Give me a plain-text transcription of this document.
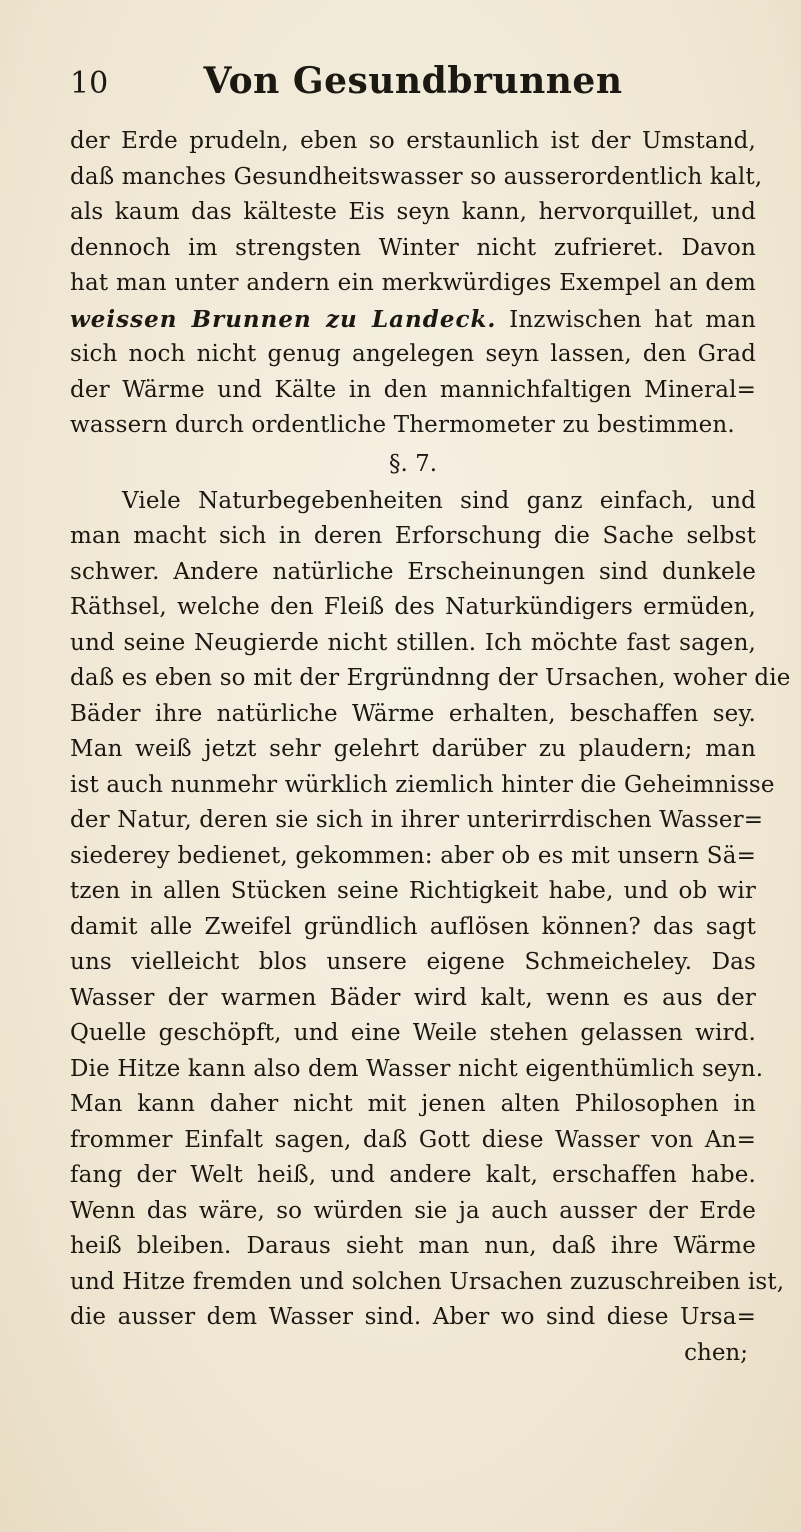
10	Von Gesundbrunnen
der Erde prudeln, eben so erstaunlich ist der Umstand,
daß manches Gesundheitswasser so ausserordentlich kalt,
als kaum das kälteste Eis seyn kann, hervorquillet, und
dennoch im strengsten Winter nicht zufrieret. Davon
hat man unter andern ein merkwürdiges Exempel an dem
weissen Brunnen zu Landeck. Inzwischen hat man
sich noch nicht genug angelegen seyn lassen, den Grad
der Wärme und Kälte in den mannichfaltigen Mineral=
wassern durch ordentliche Thermometer zu bestimmen.
§. 7.
Viele Naturbegebenheiten sind ganz einfach, und
man macht sich in deren Erforschung die Sache selbst
schwer. Andere natürliche Erscheinungen sind dunkele
Räthsel, welche den Fleiß des Naturkündigers ermüden,
und seine Neugierde nicht stillen. Ich möchte fast sagen,
daß es eben so mit der Ergründnng der Ursachen, woher die
Bäder ihre natürliche Wärme erhalten, beschaffen sey.
Man weiß jetzt sehr gelehrt darüber zu plaudern; man
ist auch nunmehr würklich ziemlich hinter die Geheimnisse
der Natur, deren sie sich in ihrer unterirrdischen Wasser=
siederey bedienet, gekommen: aber ob es mit unsern Sä=
tzen in allen Stücken seine Richtigkeit habe, und ob wir
damit alle Zweifel gründlich auflösen können? das sagt
uns vielleicht blos unsere eigene Schmeicheley. Das
Wasser der warmen Bäder wird kalt, wenn es aus der
Quelle geschöpft, und eine Weile stehen gelassen wird.
Die Hitze kann also dem Wasser nicht eigenthümlich seyn.
Man kann daher nicht mit jenen alten Philosophen in
frommer Einfalt sagen, daß Gott diese Wasser von An=
fang der Welt heiß, und andere kalt, erschaffen habe.
Wenn das wäre, so würden sie ja auch ausser der Erde
heiß bleiben. Daraus sieht man nun, daß ihre Wärme
und Hitze fremden und solchen Ursachen zuzuschreiben ist,
die ausser dem Wasser sind. Aber wo sind diese Ursa=
chen;
